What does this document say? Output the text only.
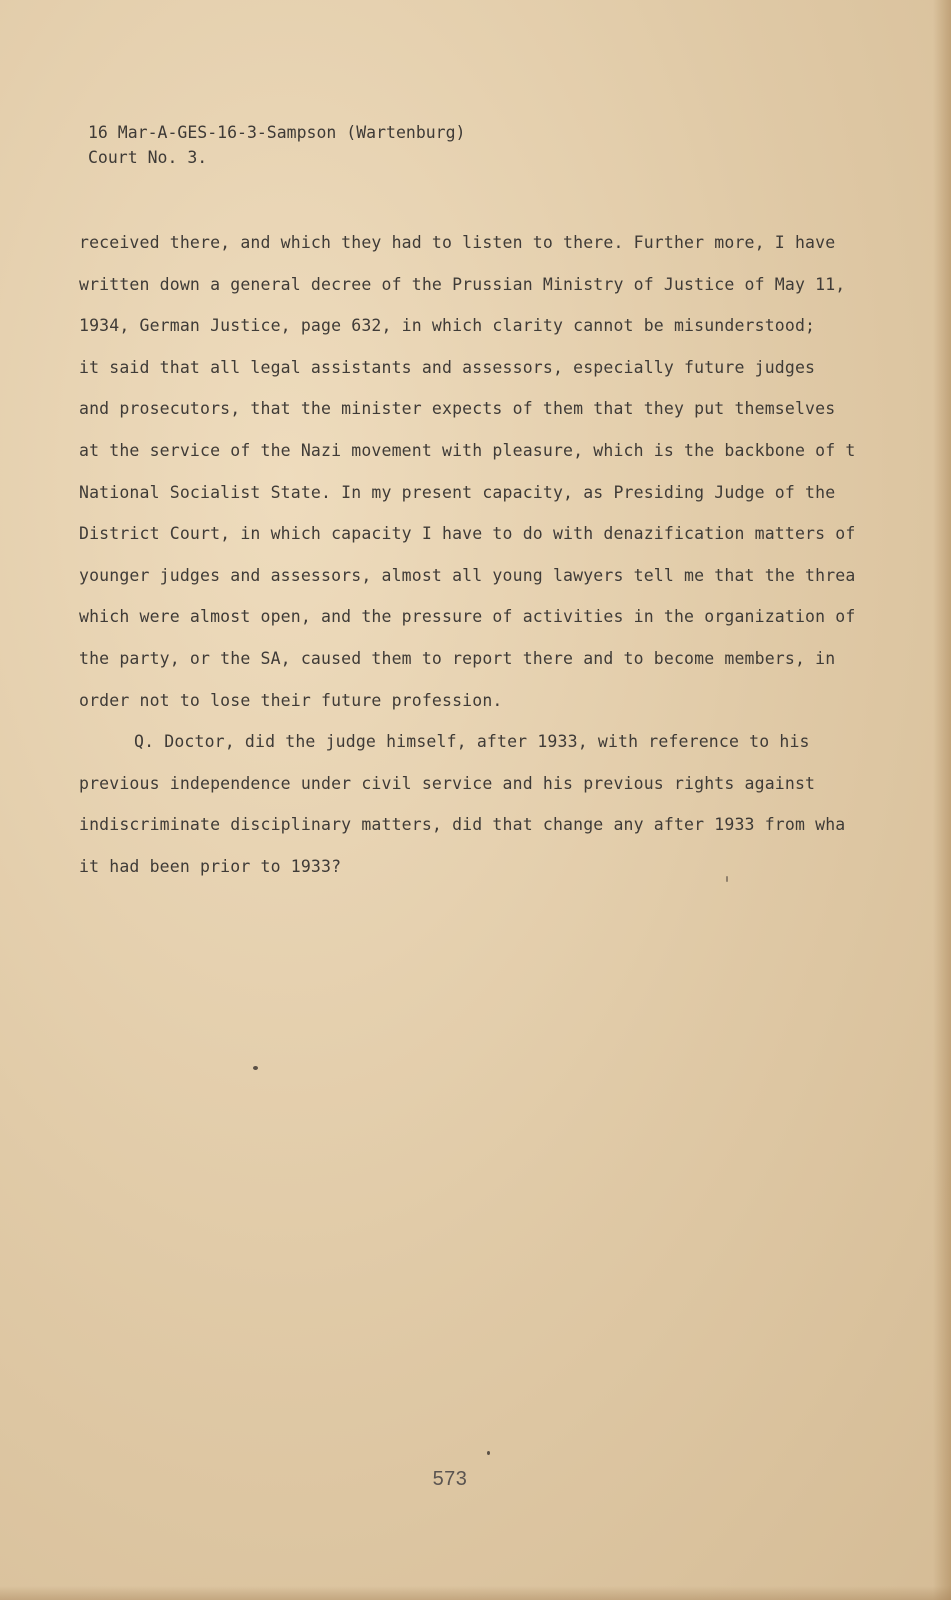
16 Mar-A-GES-16-3-Sampson (Wartenburg)
Court No. 3.
received there, and which they had to listen to there. Further more, I have
written down a general decree of the Prussian Ministry of Justice of May 11,
1934, German Justice, page 632, in which clarity cannot be misunderstood;
it said that all legal assistants and assessors, especially future judges
and prosecutors, that the minister expects of them that they put themselves
at the service of the Nazi movement with pleasure, which is the backbone of t
National Socialist State. In my present capacity, as Presiding Judge of the
District Court, in which capacity I have to do with denazification matters of
younger judges and assessors, almost all young lawyers tell me that the threa
which were almost open, and the pressure of activities in the organization of
the party, or the SA, caused them to report there and to become members, in
order not to lose their future profession.
Q. Doctor, did the judge himself, after 1933, with reference to his
previous independence under civil service and his previous rights against
indiscriminate disciplinary matters, did that change any after 1933 from wha
it had been prior to 1933?
573
